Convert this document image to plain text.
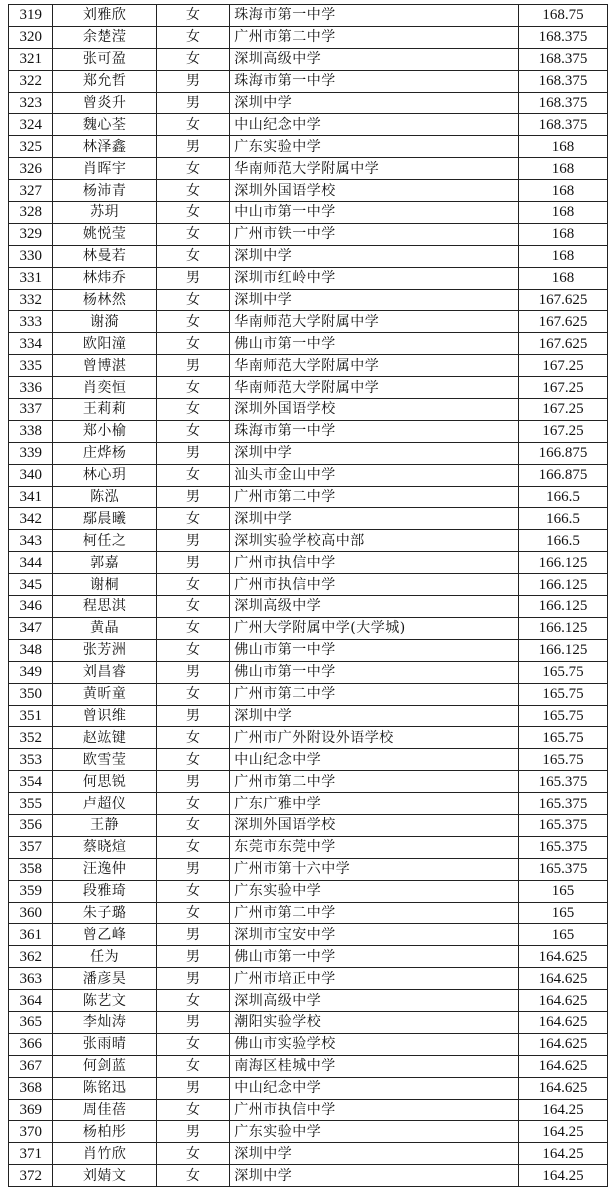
319	刘雅欣	女	珠海市第一中学	168.75
320	余楚滢	女	广州市第二中学	168.375
321	张可盈	女	深圳高级中学	168.375
322	郑允哲	男	珠海市第一中学	168.375
323	曾炎升	男	深圳中学	168.375
324	魏心荃	女	中山纪念中学	168.375
325	林泽鑫	男	广东实验中学	168
326	肖晖宇	女	华南师范大学附属中学	168
327	杨沛青	女	深圳外国语学校	168
328	苏玥	女	中山市第一中学	168
329	姚悦莹	女	广州市铁一中学	168
330	林曼若	女	深圳中学	168
331	林炜乔	男	深圳市红岭中学	168
332	杨林然	女	深圳中学	167.625
333	谢漪	女	华南师范大学附属中学	167.625
334	欧阳潼	女	佛山市第一中学	167.625
335	曾博湛	男	华南师范大学附属中学	167.25
336	肖奕恒	女	华南师范大学附属中学	167.25
337	王莉莉	女	深圳外国语学校	167.25
338	郑小榆	女	珠海市第一中学	167.25
339	庄烨杨	男	深圳中学	166.875
340	林心玥	女	汕头市金山中学	166.875
341	陈泓	男	广州市第二中学	166.5
342	鄢晨曦	女	深圳中学	166.5
343	柯任之	男	深圳实验学校高中部	166.5
344	郭嘉	男	广州市执信中学	166.125
345	谢桐	女	广州市执信中学	166.125
346	程思淇	女	深圳高级中学	166.125
347	黄晶	女	广州大学附属中学(大学城)	166.125
348	张芳洲	女	佛山市第一中学	166.125
349	刘昌睿	男	佛山市第一中学	165.75
350	黄昕童	女	广州市第二中学	165.75
351	曾识维	男	深圳中学	165.75
352	赵竑键	女	广州市广外附设外语学校	165.75
353	欧雪莹	女	中山纪念中学	165.75
354	何思锐	男	广州市第二中学	165.375
355	卢超仪	女	广东广雅中学	165.375
356	王静	女	深圳外国语学校	165.375
357	蔡晓煊	女	东莞市东莞中学	165.375
358	汪逸仲	男	广州市第十六中学	165.375
359	段雅琦	女	广东实验中学	165
360	朱子璐	女	广州市第二中学	165
361	曾乙峰	男	深圳市宝安中学	165
362	任为	男	佛山市第一中学	164.625
363	潘彦昊	男	广州市培正中学	164.625
364	陈艺文	女	深圳高级中学	164.625
365	李灿涛	男	潮阳实验学校	164.625
366	张雨晴	女	佛山市实验学校	164.625
367	何剑蓝	女	南海区桂城中学	164.625
368	陈铭迅	男	中山纪念中学	164.625
369	周佳蓓	女	广州市执信中学	164.25
370	杨柏彤	男	广东实验中学	164.25
371	肖竹欣	女	深圳中学	164.25
372	刘婧文	女	深圳中学	164.25
